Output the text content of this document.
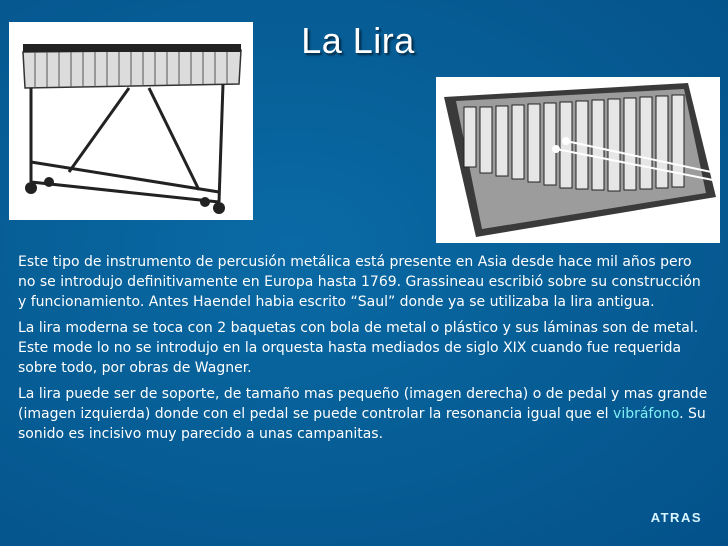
La Lira

Este tipo de instrumento de percusión metálica está presente en Asia desde hace mil años pero no se introdujo definitivamente en Europa hasta 1769. Grassineau escribió sobre su construcción y funcionamiento. Antes Haendel habia escrito “Saul” donde ya se utilizaba la lira antigua.

La lira moderna se toca con 2 baquetas con bola de metal o plástico y sus láminas son de metal. Este mode lo no se introdujo en la orquesta hasta mediados de siglo XIX cuando fue requerida sobre todo, por obras de Wagner.

La lira puede ser de soporte, de tamaño mas pequeño (imagen derecha) o de pedal y mas grande (imagen izquierda) donde con el pedal se puede controlar la resonancia igual que el vibráfono. Su sonido es incisivo muy parecido a unas campanitas.

ATRAS
